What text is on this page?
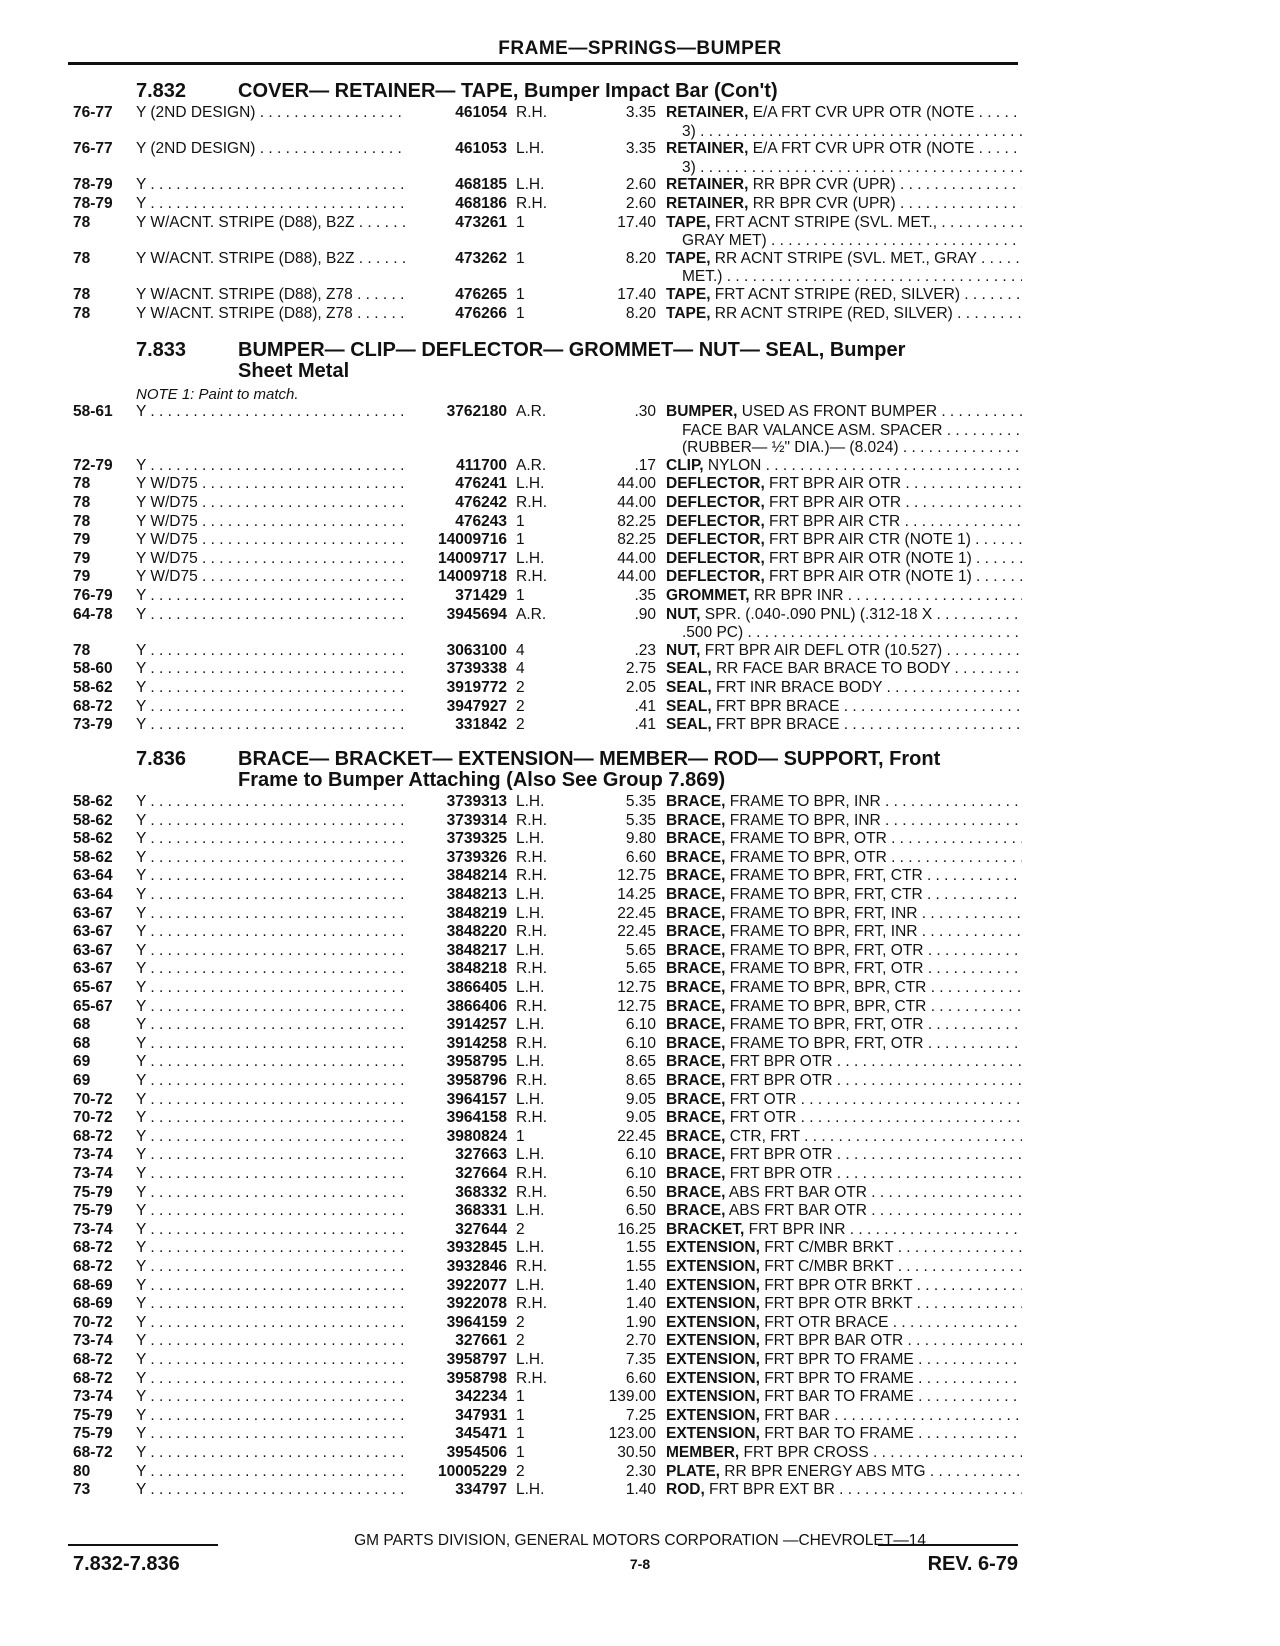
FRAME—SPRINGS—BUMPER
7.832	COVER— RETAINER— TAPE, Bumper Impact Bar (Con't)
7.833	BUMPER— CLIP— DEFLECTOR— GROMMET— NUT— SEAL, Bumper
Sheet Metal
NOTE 1: Paint to match.
7.836	BRACE— BRACKET— EXTENSION— MEMBER— ROD— SUPPORT, Front
Frame to Bumper Attaching (Also See Group 7.869)
76-77 Y (2ND DESIGN) . . .	461054 R.H.	3.35 RETAINER, E/A FRT CVR UPR OTR (NOTE . . .
3) . . .
76-77 Y (2ND DESIGN) . . .	461053 L.H.	3.35 RETAINER, E/A FRT CVR UPR OTR (NOTE . . .
3) . . .
78-79 Y . . .	468185 L.H.	2.60 RETAINER, RR BPR CVR (UPR) . . .
78-79 Y . . .	468186 R.H.	2.60 RETAINER, RR BPR CVR (UPR) . . .
78	Y W/ACNT. STRIPE (D88), B2Z . . .	473261 1	17.40 TAPE, FRT ACNT STRIPE (SVL. MET., . . .
GRAY MET) . . .
78	Y W/ACNT. STRIPE (D88), B2Z . . .	473262 1	8.20 TAPE, RR ACNT STRIPE (SVL. MET., GRAY . . .
MET.) . . .
78	Y W/ACNT. STRIPE (D88), Z78 . . .	476265 1	17.40 TAPE, FRT ACNT STRIPE (RED, SILVER) . . .
78	Y W/ACNT. STRIPE (D88), Z78 . . .	476266 1	8.20 TAPE, RR ACNT STRIPE (RED, SILVER) . . .
58-61 Y . . .	3762180 A.R.	.30 BUMPER, USED AS FRONT BUMPER . . .
FACE BAR VALANCE ASM. SPACER . . .
(RUBBER— ½" DIA.)— (8.024) . . .
72-79 Y . . .	411700 A.R.	.17 CLIP, NYLON . . .
78	Y W/D75 . . .	476241 L.H.	44.00 DEFLECTOR, FRT BPR AIR OTR . . .
78	Y W/D75 . . .	476242 R.H.	44.00 DEFLECTOR, FRT BPR AIR OTR . . .
78	Y W/D75 . . .	476243 1	82.25 DEFLECTOR, FRT BPR AIR CTR . . .
79	Y W/D75 . . .	14009716 1	82.25 DEFLECTOR, FRT BPR AIR CTR (NOTE 1) . . .
79	Y W/D75 . . .	14009717 L.H.	44.00 DEFLECTOR, FRT BPR AIR OTR (NOTE 1) . . .
79	Y W/D75 . . .	14009718 R.H.	44.00 DEFLECTOR, FRT BPR AIR OTR (NOTE 1) . . .
76-79 Y . . .	371429 1	.35 GROMMET, RR BPR INR . . .
64-78 Y . . .	3945694 A.R.	.90 NUT, SPR. (.040-.090 PNL) (.312-18 X . . .
.500 PC) . . .
78	Y . . .	3063100 4	.23 NUT, FRT BPR AIR DEFL OTR (10.527) . . .
58-60 Y . . .	3739338 4	2.75 SEAL, RR FACE BAR BRACE TO BODY . . .
58-62 Y . . .	3919772 2	2.05 SEAL, FRT INR BRACE BODY . . .
68-72 Y . . .	3947927 2	.41 SEAL, FRT BPR BRACE . . .
73-79 Y . . .	331842 2	.41 SEAL, FRT BPR BRACE . . .
58-62 Y . . .	3739313 L.H.	5.35 BRACE, FRAME TO BPR, INR . . .
58-62 Y . . .	3739314 R.H.	5.35 BRACE, FRAME TO BPR, INR . . .
58-62 Y . . .	3739325 L.H.	9.80 BRACE, FRAME TO BPR, OTR . . .
58-62 Y . . .	3739326 R.H.	6.60 BRACE, FRAME TO BPR, OTR . . .
63-64 Y . . .	3848214 R.H.	12.75 BRACE, FRAME TO BPR, FRT, CTR . . .
63-64 Y . . .	3848213 L.H.	14.25 BRACE, FRAME TO BPR, FRT, CTR . . .
63-67 Y . . .	3848219 L.H.	22.45 BRACE, FRAME TO BPR, FRT, INR . . .
63-67 Y . . .	3848220 R.H.	22.45 BRACE, FRAME TO BPR, FRT, INR . . .
63-67 Y . . .	3848217 L.H.	5.65 BRACE, FRAME TO BPR, FRT, OTR . . .
63-67 Y . . .	3848218 R.H.	5.65 BRACE, FRAME TO BPR, FRT, OTR . . .
65-67 Y . . .	3866405 L.H.	12.75 BRACE, FRAME TO BPR, BPR, CTR . . .
65-67 Y . . .	3866406 R.H.	12.75 BRACE, FRAME TO BPR, BPR, CTR . . .
68	Y . . .	3914257 L.H.	6.10 BRACE, FRAME TO BPR, FRT, OTR . . .
68	Y . . .	3914258 R.H.	6.10 BRACE, FRAME TO BPR, FRT, OTR . . .
69	Y . . .	3958795 L.H.	8.65 BRACE, FRT BPR OTR . . .
69	Y . . .	3958796 R.H.	8.65 BRACE, FRT BPR OTR . . .
70-72 Y . . .	3964157 L.H.	9.05 BRACE, FRT OTR . . .
70-72 Y . . .	3964158 R.H.	9.05 BRACE, FRT OTR . . .
68-72 Y . . .	3980824 1	22.45 BRACE, CTR, FRT . . .
73-74 Y . . .	327663 L.H.	6.10 BRACE, FRT BPR OTR . . .
73-74 Y . . .	327664 R.H.	6.10 BRACE, FRT BPR OTR . . .
75-79 Y . . .	368332 R.H.	6.50 BRACE, ABS FRT BAR OTR . . .
75-79 Y . . .	368331 L.H.	6.50 BRACE, ABS FRT BAR OTR . . .
73-74 Y . . .	327644 2	16.25 BRACKET, FRT BPR INR . . .
68-72 Y . . .	3932845 L.H.	1.55 EXTENSION, FRT C/MBR BRKT . . .
68-72 Y . . .	3932846 R.H.	1.55 EXTENSION, FRT C/MBR BRKT . . .
68-69 Y . . .	3922077 L.H.	1.40 EXTENSION, FRT BPR OTR BRKT . . .
68-69 Y . . .	3922078 R.H.	1.40 EXTENSION, FRT BPR OTR BRKT . . .
70-72 Y . . .	3964159 2	1.90 EXTENSION, FRT OTR BRACE . . .
73-74 Y . . .	327661 2	2.70 EXTENSION, FRT BPR BAR OTR . . .
68-72 Y . . .	3958797 L.H.	7.35 EXTENSION, FRT BPR TO FRAME . . .
68-72 Y . . .	3958798 R.H.	6.60 EXTENSION, FRT BPR TO FRAME . . .
73-74 Y . . .	342234 1	139.00 EXTENSION, FRT BAR TO FRAME . . .
75-79 Y . . .	347931 1	7.25 EXTENSION, FRT BAR . . .
75-79 Y . . .	345471 1	123.00 EXTENSION, FRT BAR TO FRAME . . .
68-72 Y . . .	3954506 1	30.50 MEMBER, FRT BPR CROSS . . .
80	Y . . .	10005229 2	2.30 PLATE, RR BPR ENERGY ABS MTG . . .
73	Y . . .	334797 L.H.	1.40 ROD, FRT BPR EXT BR . . .
GM PARTS DIVISION, GENERAL MOTORS CORPORATION —CHEVROLET—14
7.832-7.836	7-8	REV. 6-79
